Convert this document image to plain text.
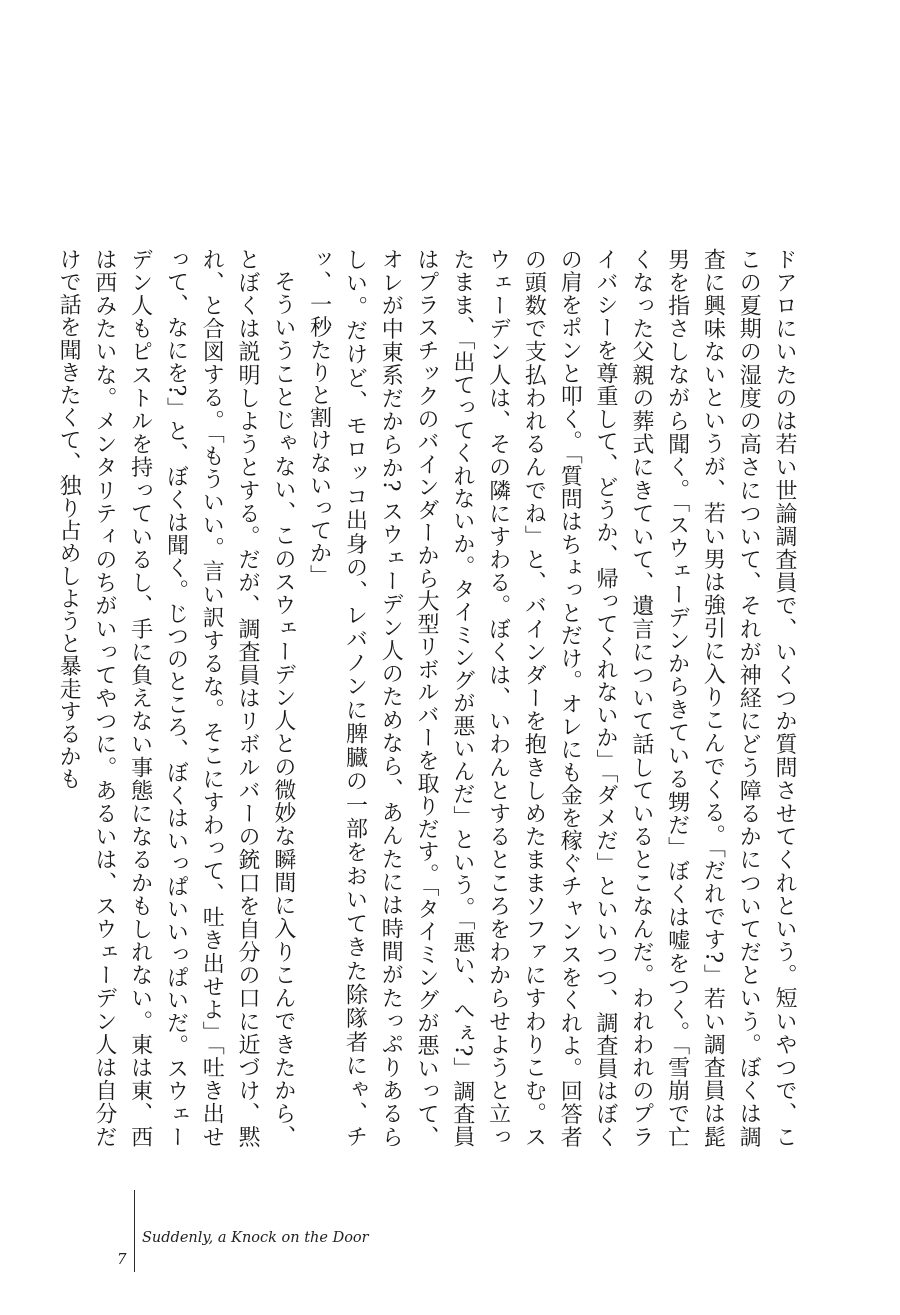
ドアロにいたのは若い世論調査員で、いくつか質問させてくれという。短いやつで、ここの夏期の湿度の高さについて、それが神経にどう障るかについてだという。ぼくは調査に興味ないというが、若い男は強引に入りこんでくる。「だれです?」若い調査員は髭男を指さしながら聞く。「スウェーデンからきている甥だ」ぼくは嘘をつく。「雪崩で亡くなった父親の葬式にきていて、遺言について話しているとこなんだ。われわれのプライバシーを尊重して、どうか、帰ってくれないか」「ダメだ」といいつつ、調査員はぼくの肩をポンと叩く。「質問はちょっとだけ。オレにも金を稼ぐチャンスをくれよ。回答者の頭数で支払われるんでね」と、バインダーを抱きしめたままソファにすわりこむ。スウェーデン人は、その隣にすわる。ぼくは、いわんとするところをわからせようと立ったまま、「出てってくれないか。タイミングが悪いんだ」という。「悪い、へぇ?」調査員はプラスチックのバインダーから大型リボルバーを取りだす。「タイミングが悪いって、オレが中東系だからか? スウェーデン人のためなら、あんたには時間がたっぷりあるらしい。だけど、モロッコ出身の、レバノンに脾臓の一部をおいてきた除隊者にゃ、チッ、一秒たりと割けないってか」

そういうことじゃない、このスウェーデン人との微妙な瞬間に入りこんできたから、とぼくは説明しようとする。だが、調査員はリボルバーの銃口を自分の口に近づけ、黙れ、と合図する。「もういい。言い訳するな。そこにすわって、吐き出せよ」「吐き出せって、なにを?」と、ぼくは聞く。じつのところ、ぼくはいっぱいいっぱいだ。スウェーデン人もピストルを持っているし、手に負えない事態になるかもしれない。東は東、西は西みたいな。メンタリティのちがいってやつに。あるいは、スウェーデン人は自分だけで話を聞きたくて、独り占めしようと暴走するかも

7
Suddenly, a Knock on the Door
